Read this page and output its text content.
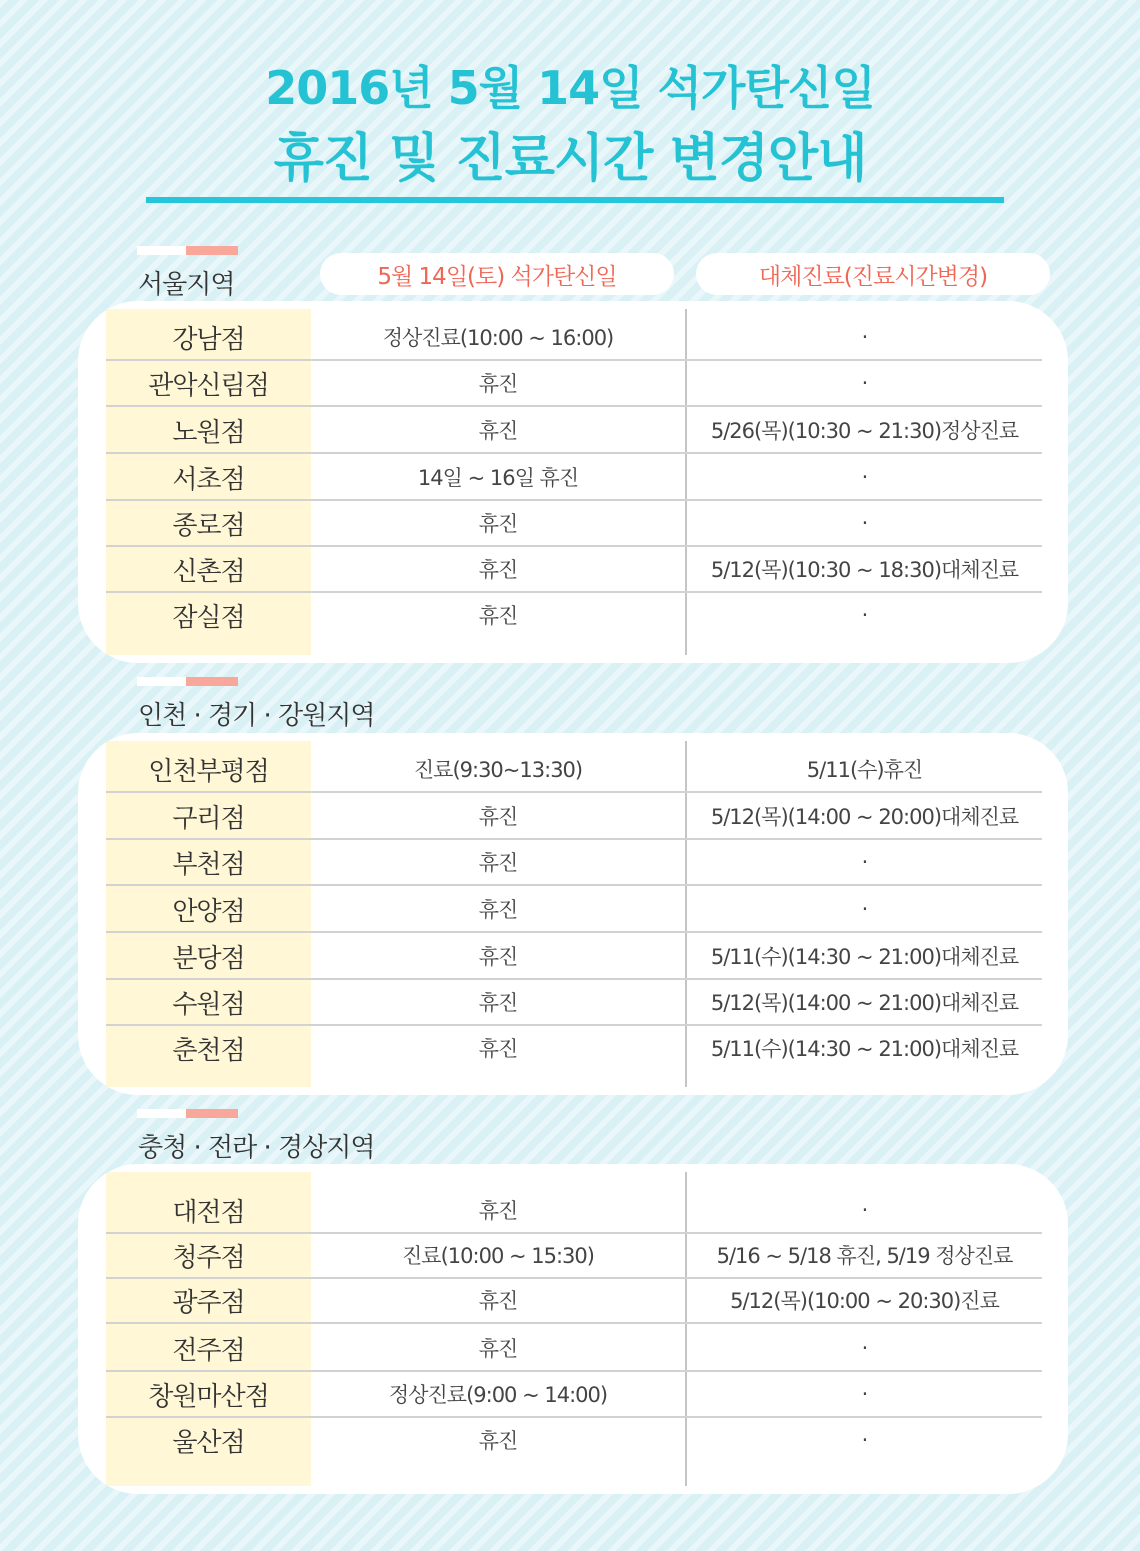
2016년 5월 14일 석가탄신일
휴진 및 진료시간 변경안내
5월 14일(토) 석가탄신일	대체진료(진료시간변경)
서울지역
강남점	정상진료(10:00 ~ 16:00)	·
관악신림점	휴진	·
노원점	휴진	5/26(목)(10:30 ~ 21:30)정상진료
서초점	14일 ~ 16일 휴진	·
종로점	휴진	·
신촌점	휴진	5/12(목)(10:30 ~ 18:30)대체진료
잠실점	휴진	·
인천 · 경기 · 강원지역
인천부평점	진료(9:30~13:30)	5/11(수)휴진
구리점	휴진	5/12(목)(14:00 ~ 20:00)대체진료
부천점	휴진	·
안양점	휴진	·
분당점	휴진	5/11(수)(14:30 ~ 21:00)대체진료
수원점	휴진	5/12(목)(14:00 ~ 21:00)대체진료
춘천점	휴진	5/11(수)(14:30 ~ 21:00)대체진료
충청 · 전라 · 경상지역
대전점	휴진	·
청주점	진료(10:00 ~ 15:30)	5/16 ~ 5/18 휴진, 5/19 정상진료
광주점	휴진	5/12(목)(10:00 ~ 20:30)진료
전주점	휴진	·
창원마산점	정상진료(9:00 ~ 14:00)	·
울산점	휴진	·
